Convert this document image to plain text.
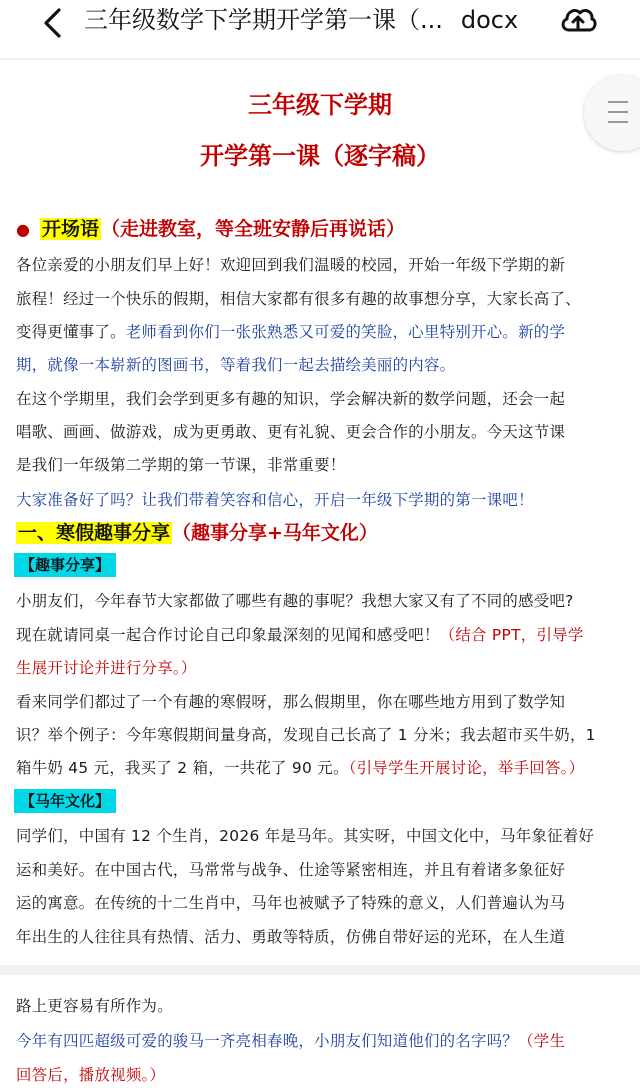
三年级数学下学期开学第一课（... docx
三年级下学期
开学第一课（逐字稿）
● 开场语 （走进教室，等全班安静后再说话）
各位亲爱的小朋友们早上好！欢迎回到我们温暖的校园，开始一年级下学期的新
旅程！经过一个快乐的假期，相信大家都有很多有趣的故事想分享，大家长高了、
变得更懂事了。老师看到你们一张张熟悉又可爱的笑脸，心里特别开心。新的学
期，就像一本崭新的图画书，等着我们一起去描绘美丽的内容。
在这个学期里，我们会学到更多有趣的知识，学会解决新的数学问题，还会一起
唱歌、画画、做游戏，成为更勇敢、更有礼貌、更会合作的小朋友。今天这节课
是我们一年级第二学期的第一节课，非常重要！
大家准备好了吗？让我们带着笑容和信心，开启一年级下学期的第一课吧！
一、寒假趣事分享 （趣事分享+马年文化）
【趣事分享】
小朋友们，今年春节大家都做了哪些有趣的事呢？我想大家又有了不同的感受吧?
现在就请同桌一起合作讨论自己印象最深刻的见闻和感受吧！（结合 PPT，引导学
生展开讨论并进行分享。）
看来同学们都过了一个有趣的寒假呀，那么假期里，你在哪些地方用到了数学知
识？举个例子：今年寒假期间量身高，发现自己长高了 1 分米；我去超市买牛奶，1
箱牛奶 45 元，我买了 2 箱，一共花了 90 元。（引导学生开展讨论，举手回答。）
【马年文化】
同学们，中国有 12 个生肖，2026 年是马年。其实呀，中国文化中，马年象征着好
运和美好。在中国古代，马常常与战争、仕途等紧密相连，并且有着诸多象征好
运的寓意。在传统的十二生肖中，马年也被赋予了特殊的意义，人们普遍认为马
年出生的人往往具有热情、活力、勇敢等特质，仿佛自带好运的光环，在人生道
路上更容易有所作为。
今年有四匹超级可爱的骏马一齐亮相春晚，小朋友们知道他们的名字吗？（学生
回答后，播放视频。）
